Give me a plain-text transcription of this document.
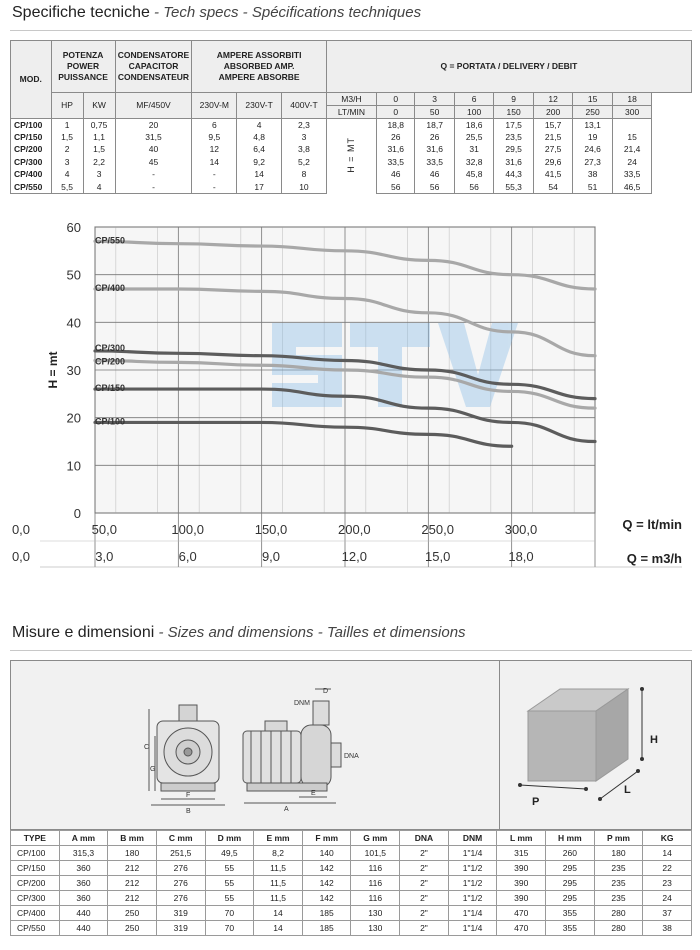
Specifiche tecniche - Tech specs - Spécifications techniques
MOD.	POTENZA
POWER
PUISSANCE		CONDENSATORE
CAPACITOR
CONDENSATEUR	AMPERE ASSORBITI
ABSORBED AMP.
AMPERE ABSORBE			Q = PORTATA / DELIVERY / DEBIT							
	HP	KW	MF/450V	230V-M	230V-T	400V-T	M3/H	0	3	6	9	12	15	18
							LT/MIN	0	50	100	150	200	250	300
CP/100	1	0,75	20	6	4	2,3	H = MT	18,8	18,7	18,6	17,5	15,7	13,1	
CP/150	1,5	1,1	31,5	9,5	4,8	3		26	26	25,5	23,5	21,5	19	15
CP/200	2	1,5	40	12	6,4	3,8		31,6	31,6	31	29,5	27,5	24,6	21,4
CP/300	3	2,2	45	14	9,2	5,2		33,5	33,5	32,8	31,6	29,6	27,3	24
CP/400	4	3	-	-	14	8		46	46	45,8	44,3	41,5	38	33,5
CP/550	5,5	4	-	-	17	10		56	56	56	55,3	54	51	46,5
0
10
20
30
40
50
60
H = mt
0,0	50,0	100,0	150,0	200,0	250,0	300,0
0,0	3,0	6,0	9,0	12,0	15,0	18,0
Q = lt/min
Q = m3/h
CP/550
CP/400
CP/300
CP/200
CP/150
CP/100
Misure e dimensioni - Sizes and dimensions - Tailles et dimensions
C
G
F
B
D
DNM
DNA
E
A
H
L
P
TYPE	A mm	B mm	C mm	D mm	E mm	F mm	G mm	DNA	DNM	L mm	H mm	P mm	KG
CP/100	315,3	180	251,5	49,5	8,2	140	101,5	2"	1"1/4	315	260	180	14
CP/150	360	212	276	55	11,5	142	116	2"	1"1/2	390	295	235	22
CP/200	360	212	276	55	11,5	142	116	2"	1"1/2	390	295	235	23
CP/300	360	212	276	55	11,5	142	116	2"	1"1/2	390	295	235	24
CP/400	440	250	319	70	14	185	130	2"	1"1/4	470	355	280	37
CP/550	440	250	319	70	14	185	130	2"	1"1/4	470	355	280	38
